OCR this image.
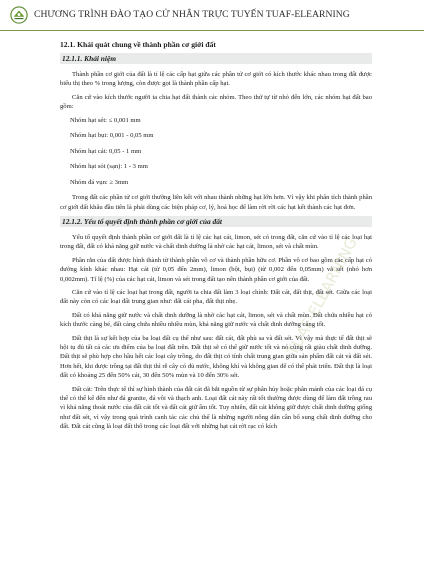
CHƯƠNG TRÌNH ĐÀO TẠO CỬ NHÂN TRỰC TUYẾN TUAF-ELEARNING
TUAF-ELEARNING
12.1. Khái quát chung về thành phần cơ giới đất
12.1.1. Khái niệm

Thành phần cơ giới của đất là tỉ lệ các cấp hạt giữa các phần tử cơ giới có kích thước khác nhau trong đất được biểu thị theo % trong lượng, còn được gọi là thành phần cấp hạt.

Căn cứ vào kích thước người ta chia hạt đất thành các nhóm. Theo thứ tự từ nhỏ đến lớn, các nhóm hạt đất bao gồm:

Nhóm hạt sét: ≤ 0,001 mm
Nhóm hạt bụi: 0,001 - 0,05 mm
Nhóm hạt cát: 0,05 - 1 mm
Nhóm hạt sỏi (sạn): 1 - 3 mm
Nhóm đá vụn: ≥ 3mm

Trong đất các phần tử cơ giới thường liên kết với nhau thành những hạt lớn hơn. Vì vậy khi phân tích thành phần cơ giới đất khâu đầu tiên là phải dùng các biện pháp cơ, lý, hoá học để làm rời rời các hạt kết thành các hạt đơn.

12.1.2. Yếu tố quyết định thành phần cơ giới của đất

Yếu tố quyết định thành phần cơ giới đất là tỉ lệ các hạt cát, limon, sét có trong đất, căn cứ vào tỉ lệ các loại hạt trong đất, đất có khả năng giữ nước và chất dinh dưỡng là nhờ các hạt cát, limon, sét và chất mùn.

Phần rắn của đất được hình thành từ thành phần vô cơ và thành phần hữu cơ. Phần vô cơ bao gồm các cấp hạt có đường kính khác nhau: Hạt cát (từ 0,05 đến 2mm), limon (bột, bụi) (từ 0,002 đến 0,05mm) và sét (nhỏ hơn 0,002mm). Tỉ lệ (%) của các hạt cát, limon và sét trong đất tạo nên thành phần cơ giới của đất.

Căn cứ vào tỉ lệ các loại hạt trong đất, người ta chia đất làm 3 loại chính: Đất cát, đất thịt, đất sét. Giữa các loại đất này còn có các loại đất trung gian như: đất cát pha, đất thịt nhẹ.

Đất có khả năng giữ nước và chất dinh dưỡng là nhờ các hạt cát, limon, sét và chất mùn. Đất chứa nhiều hạt có kích thước càng bé, đất càng chứa nhiều nhiều mùn, khả năng giữ nước và chất dinh dưỡng càng tốt.

Đất thịt là sự kết hợp của ba loại đất cụ thể như sau: đất cát, đất phù sa và đất sét. Vì vậy mà thực tế đất thịt sẽ hội tụ đủ tất cả các ưu điểm của ba loại đất trên. Đất thịt sẽ có thể giữ nước tốt và nó cũng rất giàu chất dinh dưỡng. Đất thịt sẽ phù hợp cho hầu hết các loại cây trồng, do đất thịt có tính chất trung gian giữa sản phẩm đất cát và đất sét. Hơn hết, khi được trồng tại đất thịt thì rễ cây có đủ nước, không khí và không gian để có thể phát triển. Đất thịt là loại đất có khoảng 25 đến 50% cát, 30 đến 50% mùn và 10 đến 30% sét.

Đất cát: Trên thực tế thì sự hình thành của đất cát đã bắt nguồn từ sự phân hủy hoặc phân mảnh của các loại đá cụ thể có thể kể đến như đá granite, đá vôi và thạch anh. Loại đất cát này rất tốt thường được dùng để làm đất trồng rau vì khả năng thoát nước của đất cát tốt và đất cát giữ ấm tốt. Tuy nhiên, đất cát không giữ được chất dinh dưỡng giống như đất sét, vì vậy trong quá trình canh tác các chủ thể là những người nông dân cần bổ sung chất dinh dưỡng cho đất. Đất cát cũng là loại đất thô trong các loại đất với những hạt cát rời rạc có kích
